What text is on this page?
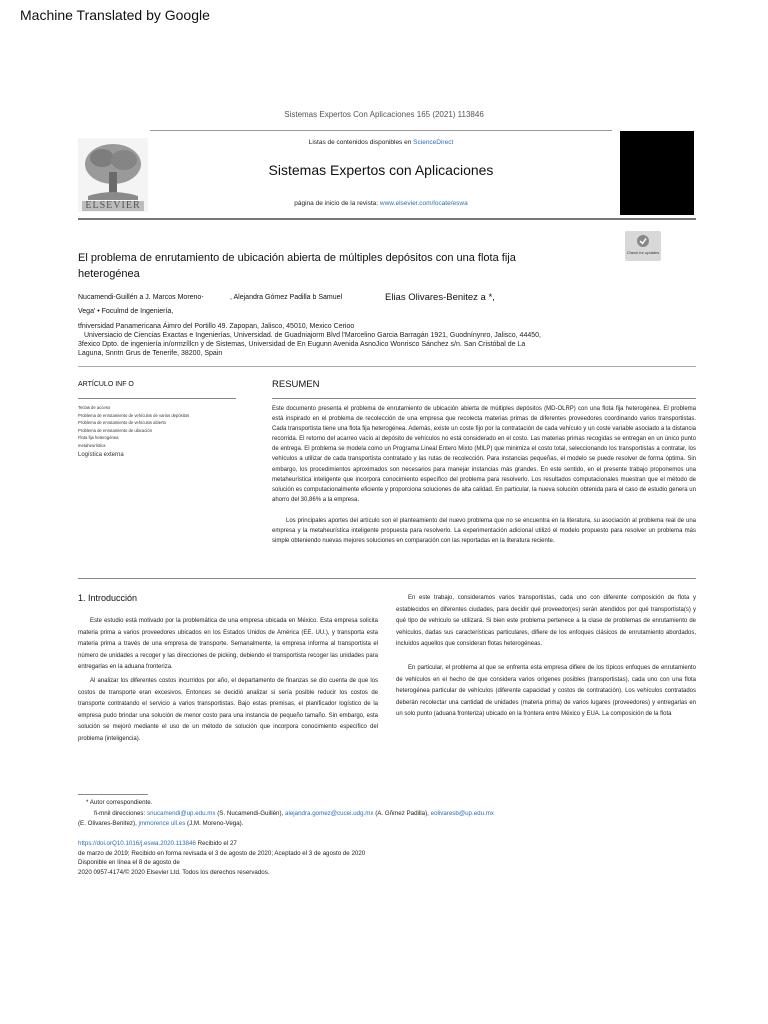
Machine Translated by Google
Sistemas Expertos Con Aplicaciones 165 (2021) 113846
ELSEVIER
Listas de contenidos disponibles en ScienceDirect
Sistemas Expertos con Aplicaciones
página de inicio de la revista: www.elsevier.com/locate/eswa
Check for updates
El problema de enrutamiento de ubicación abierta de múltiples depósitos con una flota fija heterogénea
Nucamendi-Guillén a J. Marcos Moreno-	, Alejandra Gómez Padilla b Samuel	Elias Olivares-Benitez a *,
Vega' • Foculmd de Ingeniería,
tfniversidad Panamericana Áimro del Portillo 49. Zapopan, Jalisco, 45010, Mexico Cerioo
Universiacio de Ciencias Exactas e Ingenierías, Universidad. de Guadniajorm Blvd l'Marcelino Garcia Barragán 1921, Guodnínynro, Jalisco, 44450,
3fexico Dpto. de ingeniería in/ormzíllcn y de Sistemas, Universidad de En Eugunn Avenida AsnoJico Wonrisco Sánchez s/n. San Cristóbal de La
Laguna, Snntn Grus de Tenerife, 38200, Spain
ARTÍCULO INF O
Teclas de acceso
Problema de enrutamiento de vehículos de varios depósitos
Problema de enrutamiento de vehículos abierto
Problema de enrutamiento de ubicación
Flota fija heterogénea
metaheurística
Logística externa
RESUMEN

Este documento presenta el problema de enrutamiento de ubicación abierta de múltiples depósitos (MD-OLRP) con una flota fija heterogénea. El problema está inspirado en el problema de recolección de una empresa que recolecta materias primas de diferentes proveedores coordinando varios transportistas. Cada transportista tiene una flota fija heterogénea. Además, existe un coste fijo por la contratación de cada vehículo y un coste variable asociado a la distancia recorrida. El retorno del acarreo vacío al depósito de vehículos no está considerado en el costo. Las materias primas recogidas se entregan en un único punto de entrega. El problema se modela como un Programa Lineal Entero Mixto (MILP) que minimiza el costo total, seleccionando los transportistas a contratar, los vehículos a utilizar de cada transportista contratado y las rutas de recolección. Para instancias pequeñas, el modelo se puede resolver de forma óptima. Sin embargo, los procedimientos aproximados son necesarios para manejar instancias más grandes. En este sentido, en el presente trabajo proponemos una metaheurística inteligente que incorpora conocimiento específico del problema para resolverlo. Los resultados computacionales muestran que el método de solución es computacionalmente eficiente y proporciona soluciones de alta calidad. En particular, la nueva solución obtenida para el caso de estudio genera un ahorro del 30,86% a la empresa.

Los principales aportes del artículo son el planteamiento del nuevo problema que no se encuentra en la literatura, su asociación al problema real de una empresa y la metaheurística inteligente propuesta para resolverlo. La experimentación adicional utilizó el modelo propuesto para resolver un problema más simple obteniendo nuevas mejores soluciones en comparación con las reportadas en la literatura reciente.

1. Introducción

Este estudio está motivado por la problemática de una empresa ubicada en México. Esta empresa solicita materia prima a varios proveedores ubicados en los Estados Unidos de América (EE. UU.), y transporta esta materia prima a través de una empresa de transporte. Semanalmente, la empresa informa al transportista el número de unidades a recoger y las direcciones de picking, debiendo el transportista recoger las unidades para entregarlas en la aduana fronteriza.

Al analizar los diferentes costos incurridos por año, el departamento de finanzas se dio cuenta de que los costos de transporte eran excesivos. Entonces se decidió analizar si sería posible reducir los costos de transporte contratando el servicio a varios transportistas. Bajo estas premisas, el planificador logístico de la empresa pudo brindar una solución de menor costo para una instancia de pequeño tamaño. Sin embargo, esta solución se mejoró mediante el uso de un método de solución que incorpora conocimiento específico del problema (inteligencia).

En este trabajo, consideramos varios transportistas, cada uno con diferente composición de flota y establecidos en diferentes ciudades, para decidir qué proveedor(es) serán atendidos por qué transportista(s) y qué tipo de vehículo se utilizará. Si bien este problema pertenece a la clase de problemas de enrutamiento de vehículos, dadas sus características particulares, difiere de los enfoques clásicos de enrutamiento abordados, incluidos aquellos que consideran flotas heterogéneas.

En particular, el problema al que se enfrenta esta empresa difiere de los típicos enfoques de enrutamiento de vehículos en el hecho de que considera varios orígenes posibles (transportistas), cada uno con una flota heterogénea particular de vehículos (diferente capacidad y costos de contratación). Los vehículos contratados deberán recolectar una cantidad de unidades (materia prima) de varios lugares (proveedores) y entregarlas en un solo punto (aduana fronteriza) ubicado en la frontera entre México y EUA. La composición de la flota

* Autor correspondiente.
fi-mnil direcciones: snucamendi@up.edu.mx (S. Nucamendi-Guillén), alejandra.gomez@cucei.udg.mx (A. Gñmez Padilla), eolivaresb@up.edu.mx
(E. Olivares-Benitez), jmmorence ull.es (J.M. Moreno-Vega).
https://doi.orQ10.1016/j.eswa.2020.113846 Recibido el 27
de marzo de 2019; Recibido en forma revisada el 3 de agosto de 2020; Aceptado el 3 de agosto de 2020
Disponible en línea el 8 de agosto de
2020 0957-4174/© 2020 Elsevier Ltd. Todos los derechos reservados.
